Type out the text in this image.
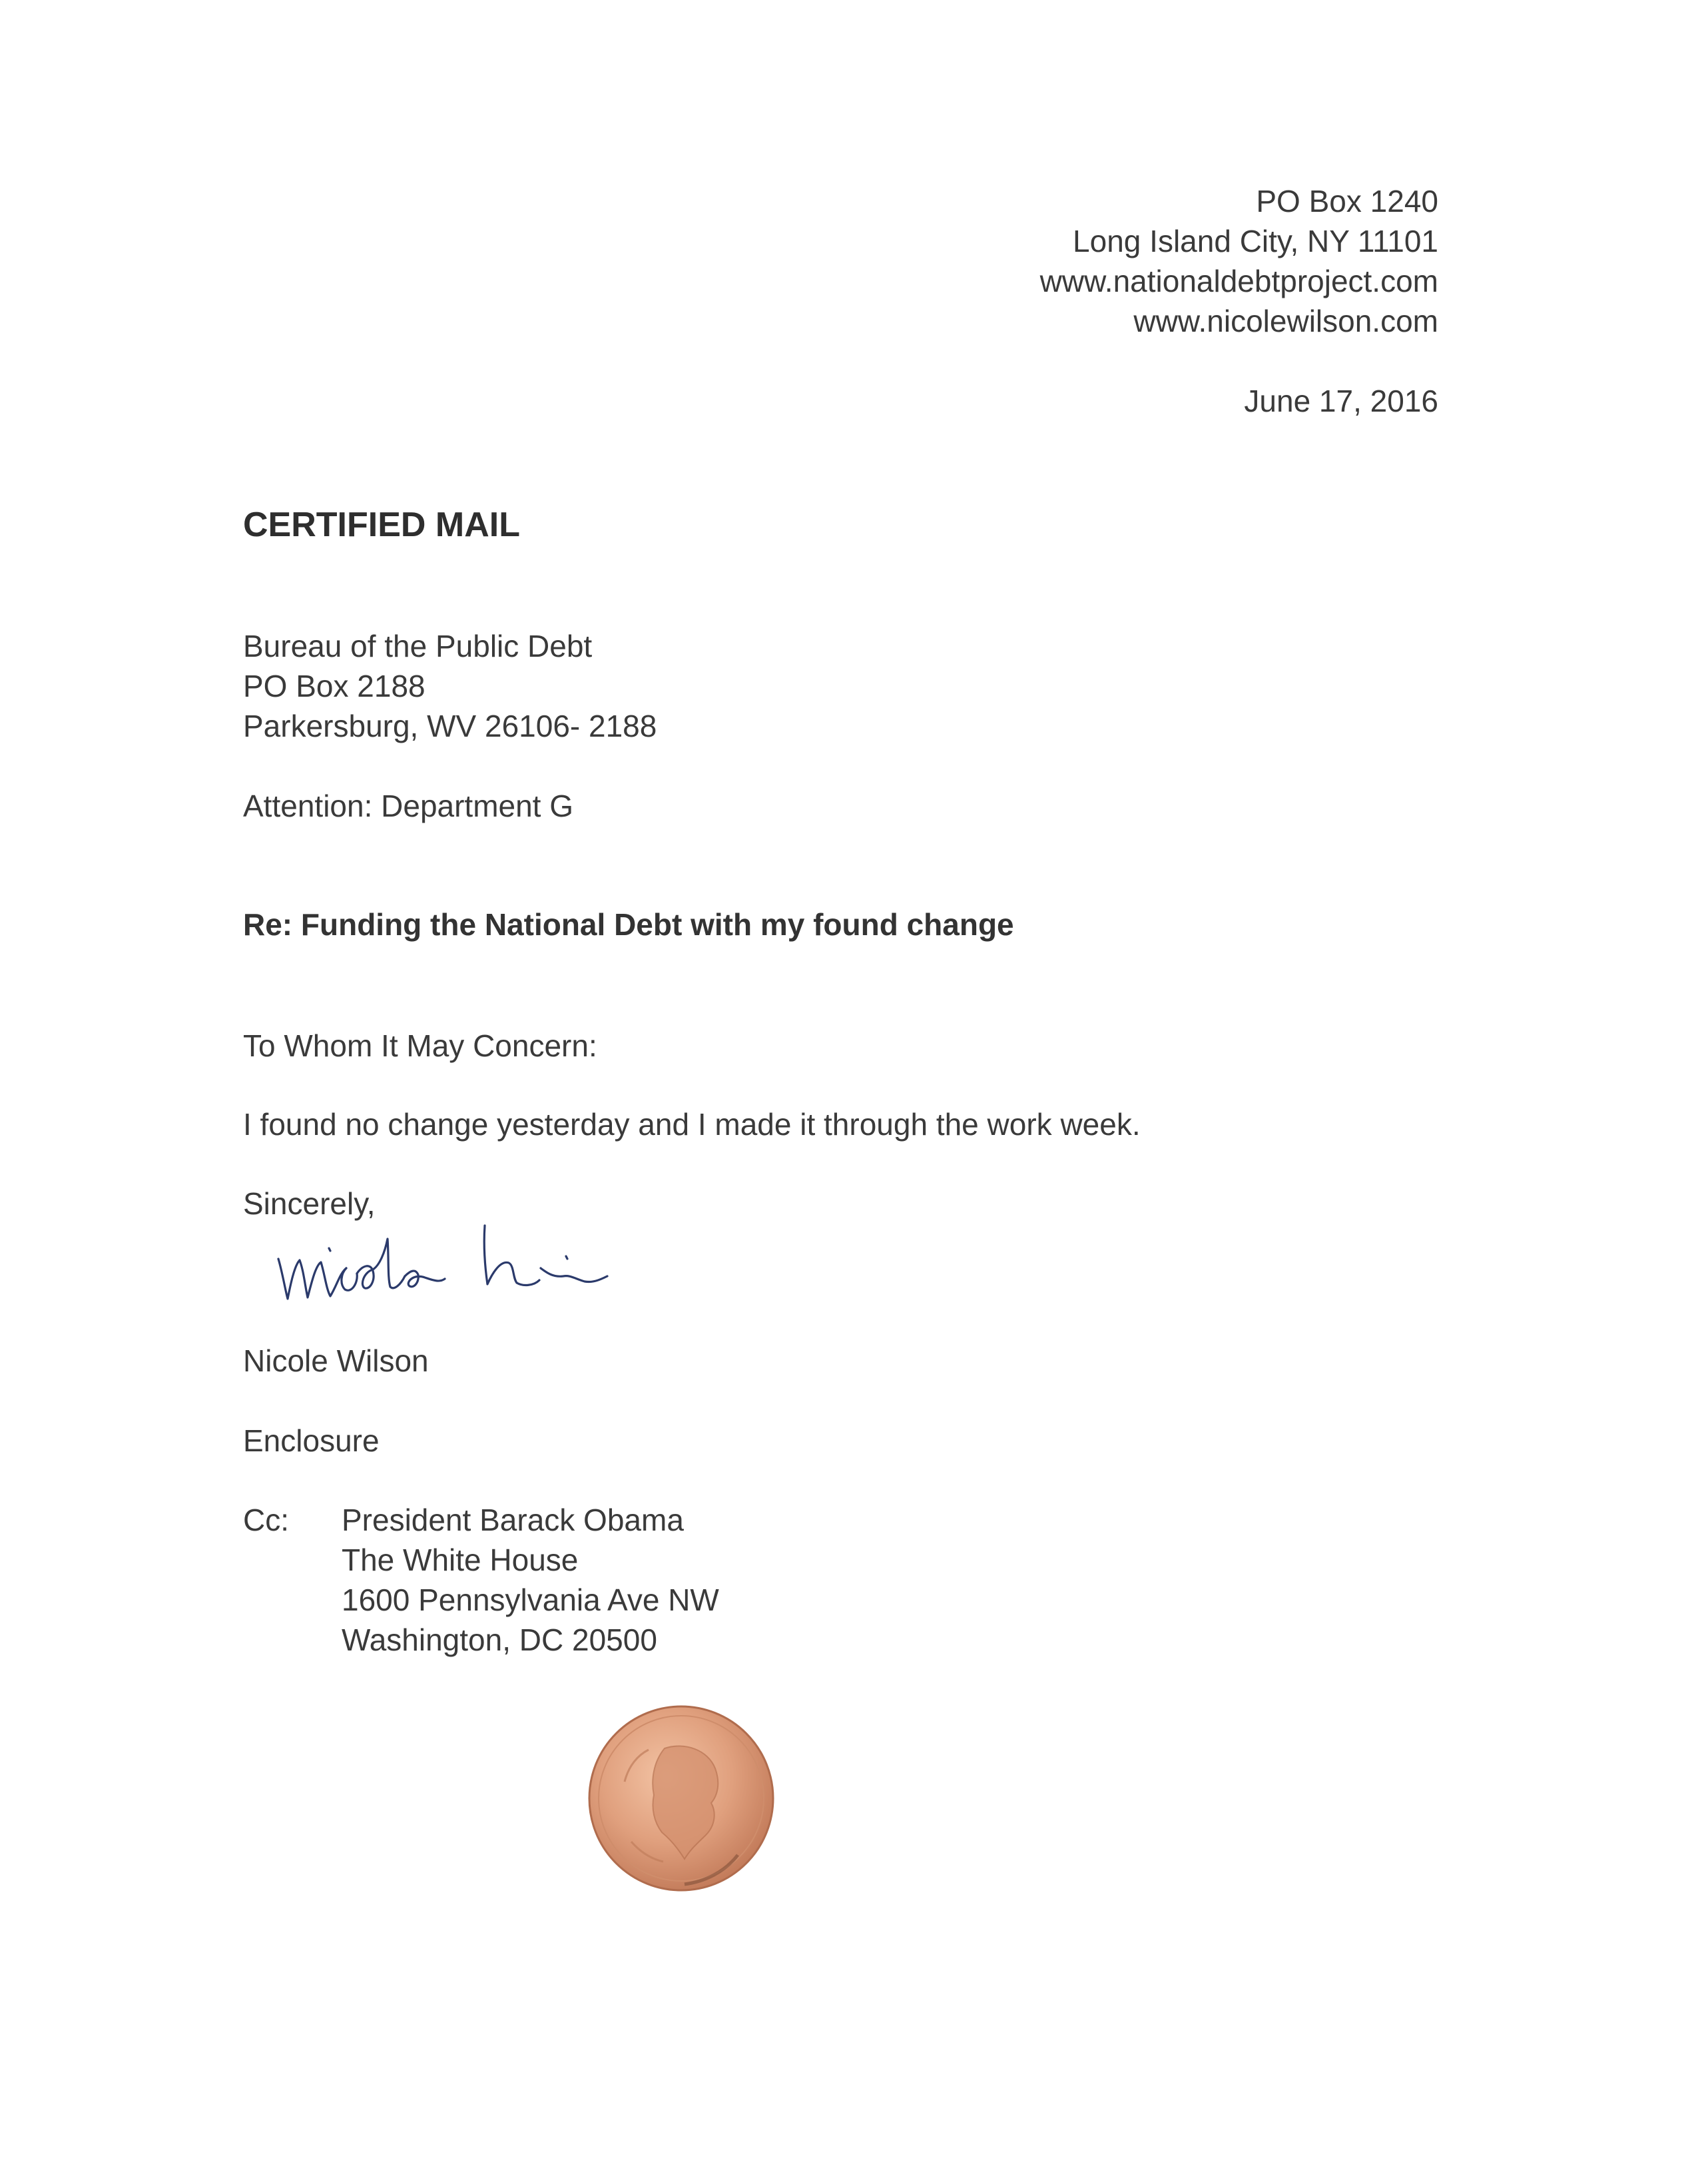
PO Box 1240
Long Island City, NY 11101
www.nationaldebtproject.com
www.nicolewilson.com
June 17, 2016
CERTIFIED MAIL
Bureau of the Public Debt
PO Box 2188
Parkersburg, WV 26106- 2188
Attention: Department G
Re: Funding the National Debt with my found change
To Whom It May Concern:
I found no change yesterday and I made it through the work week.
Sincerely,
Nicole Wilson
Enclosure
Cc: President Barack Obama
The White House
1600 Pennsylvania Ave NW
Washington, DC 20500
